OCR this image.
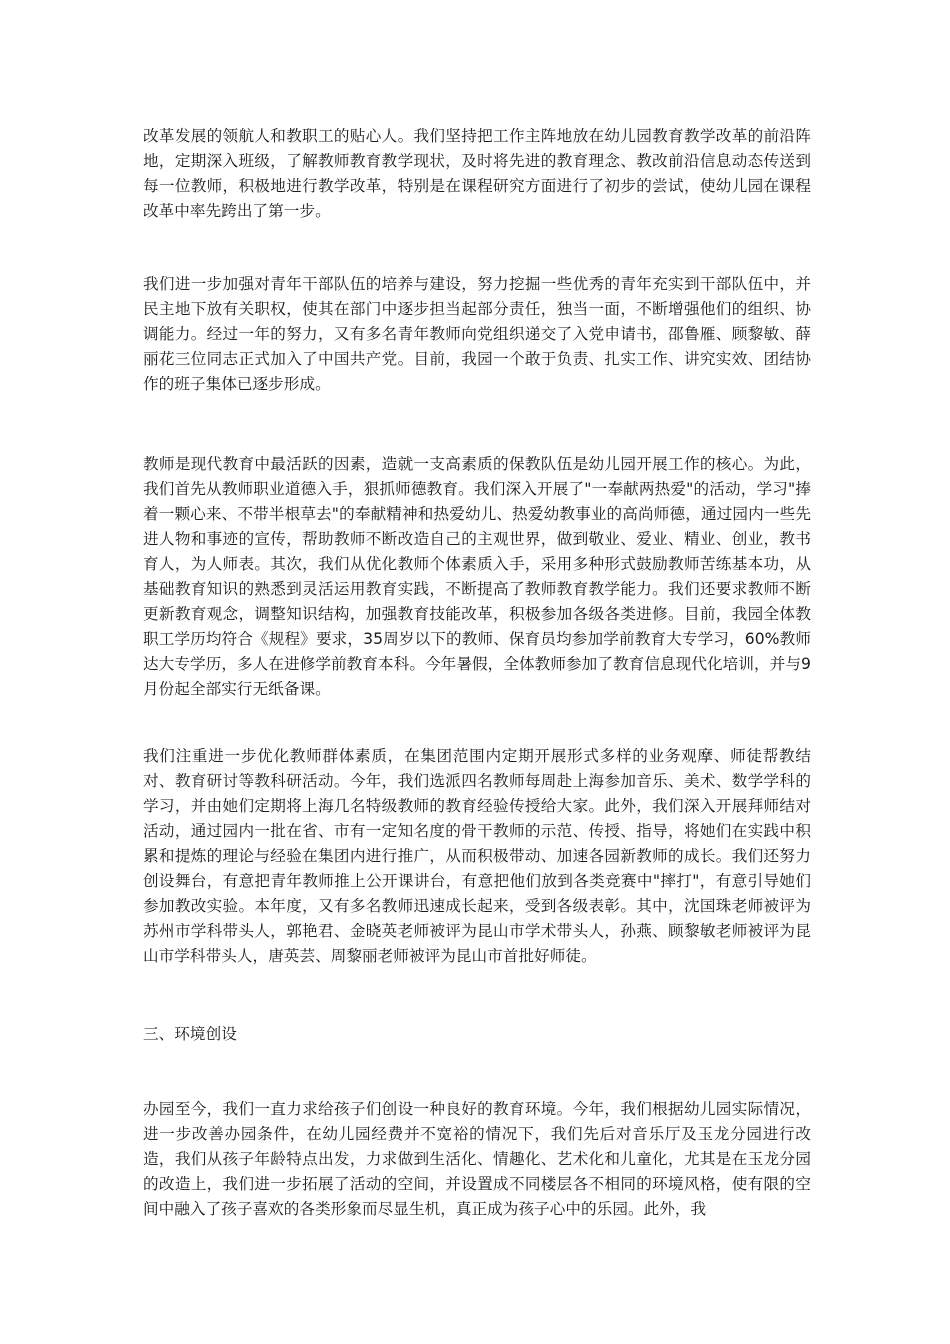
改革发展的领航人和教职工的贴心人。我们坚持把工作主阵地放在幼儿园教育教学改革的前沿阵地，定期深入班级，了解教师教育教学现状，及时将先进的教育理念、教改前沿信息动态传送到每一位教师，积极地进行教学改革，特别是在课程研究方面进行了初步的尝试，使幼儿园在课程改革中率先跨出了第一步。

我们进一步加强对青年干部队伍的培养与建设，努力挖掘一些优秀的青年充实到干部队伍中，并民主地下放有关职权，使其在部门中逐步担当起部分责任，独当一面，不断增强他们的组织、协调能力。经过一年的努力，又有多名青年教师向党组织递交了入党申请书，邵鲁雁、顾黎敏、薛丽花三位同志正式加入了中国共产党。目前，我园一个敢于负责、扎实工作、讲究实效、团结协作的班子集体已逐步形成。

教师是现代教育中最活跃的因素，造就一支高素质的保教队伍是幼儿园开展工作的核心。为此，我们首先从教师职业道德入手，狠抓师德教育。我们深入开展了"一奉献两热爱"的活动，学习"捧着一颗心来、不带半根草去"的奉献精神和热爱幼儿、热爱幼教事业的高尚师德，通过园内一些先进人物和事迹的宣传，帮助教师不断改造自己的主观世界，做到敬业、爱业、精业、创业，教书育人，为人师表。其次，我们从优化教师个体素质入手，采用多种形式鼓励教师苦练基本功，从基础教育知识的熟悉到灵活运用教育实践，不断提高了教师教育教学能力。我们还要求教师不断更新教育观念，调整知识结构，加强教育技能改革，积极参加各级各类进修。目前，我园全体教职工学历均符合《规程》要求，35周岁以下的教师、保育员均参加学前教育大专学习，60%教师达大专学历，多人在进修学前教育本科。今年暑假，全体教师参加了教育信息现代化培训，并与9月份起全部实行无纸备课。

我们注重进一步优化教师群体素质，在集团范围内定期开展形式多样的业务观摩、师徒帮教结对、教育研讨等教科研活动。今年，我们选派四名教师每周赴上海参加音乐、美术、数学学科的学习，并由她们定期将上海几名特级教师的教育经验传授给大家。此外，我们深入开展拜师结对活动，通过园内一批在省、市有一定知名度的骨干教师的示范、传授、指导，将她们在实践中积累和提炼的理论与经验在集团内进行推广，从而积极带动、加速各园新教师的成长。我们还努力创设舞台，有意把青年教师推上公开课讲台，有意把他们放到各类竞赛中"摔打"，有意引导她们参加教改实验。本年度，又有多名教师迅速成长起来，受到各级表彰。其中，沈国珠老师被评为苏州市学科带头人，郭艳君、金晓英老师被评为昆山市学术带头人，孙燕、顾黎敏老师被评为昆山市学科带头人，唐英芸、周黎丽老师被评为昆山市首批好师徒。

三、环境创设

办园至今，我们一直力求给孩子们创设一种良好的教育环境。今年，我们根据幼儿园实际情况，进一步改善办园条件，在幼儿园经费并不宽裕的情况下，我们先后对音乐厅及玉龙分园进行改造，我们从孩子年龄特点出发，力求做到生活化、情趣化、艺术化和儿童化，尤其是在玉龙分园的改造上，我们进一步拓展了活动的空间，并设置成不同楼层各不相同的环境风格，使有限的空间中融入了孩子喜欢的各类形象而尽显生机，真正成为孩子心中的乐园。此外，我
